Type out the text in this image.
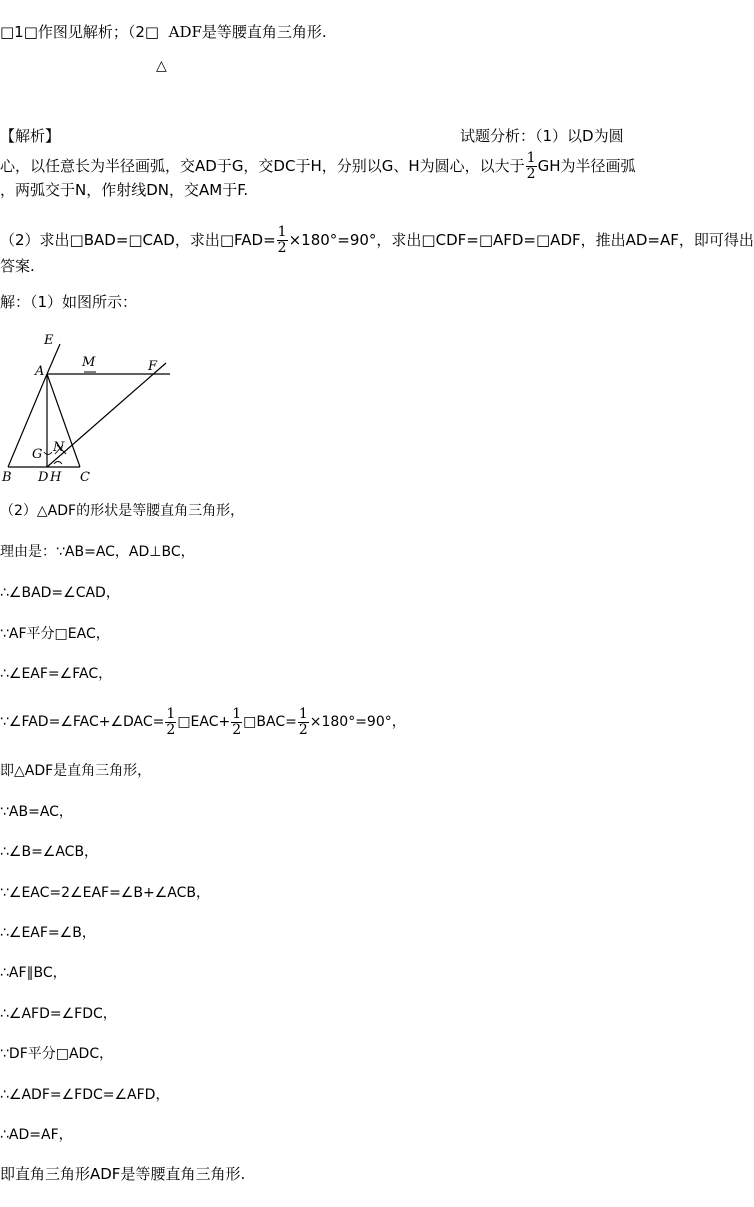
□1□作图见解析；（2□ ADF是等腰直角三角形.
△
【解析】	试题分析：（1）以D为圆
心，以任意长为半径画弧，交AD于G，交DC于H，分别以G、H为圆心，以大于 $\frac{1}{2}$ GH为半径画弧
，两弧交于N，作射线DN，交AM于F.
（2）求出□BAD=□CAD，求出□FAD= $\frac{1}{2} \times 180^\circ=90^\circ$，求出□CDF=□AFD=□ADF，推出AD=AF，即可得出
答案.
解：（1）如图所示：
E
A
M	F
G N
B D H C
（2）△ADF的形状是等腰直角三角形，
理由是：∵AB=AC，AD⊥BC，
∴∠BAD=∠CAD，
∵AF平分□EAC，
∴∠EAF=∠FAC，
∵∠FAD=∠FAC+∠DAC= $\frac{1}{2}$ □EAC+ $\frac{1}{2}$ □BAC= $\frac{1}{2} \times 180^\circ=90^\circ$，
即△ADF是直角三角形，
∵AB=AC，
∴∠B=∠ACB，
∵∠EAC=2∠EAF=∠B+∠ACB，
∴∠EAF=∠B，
∴AF∥BC，
∴∠AFD=∠FDC，
∵DF平分□ADC，
∴∠ADF=∠FDC=∠AFD，
∴AD=AF，
即直角三角形ADF是等腰直角三角形.
